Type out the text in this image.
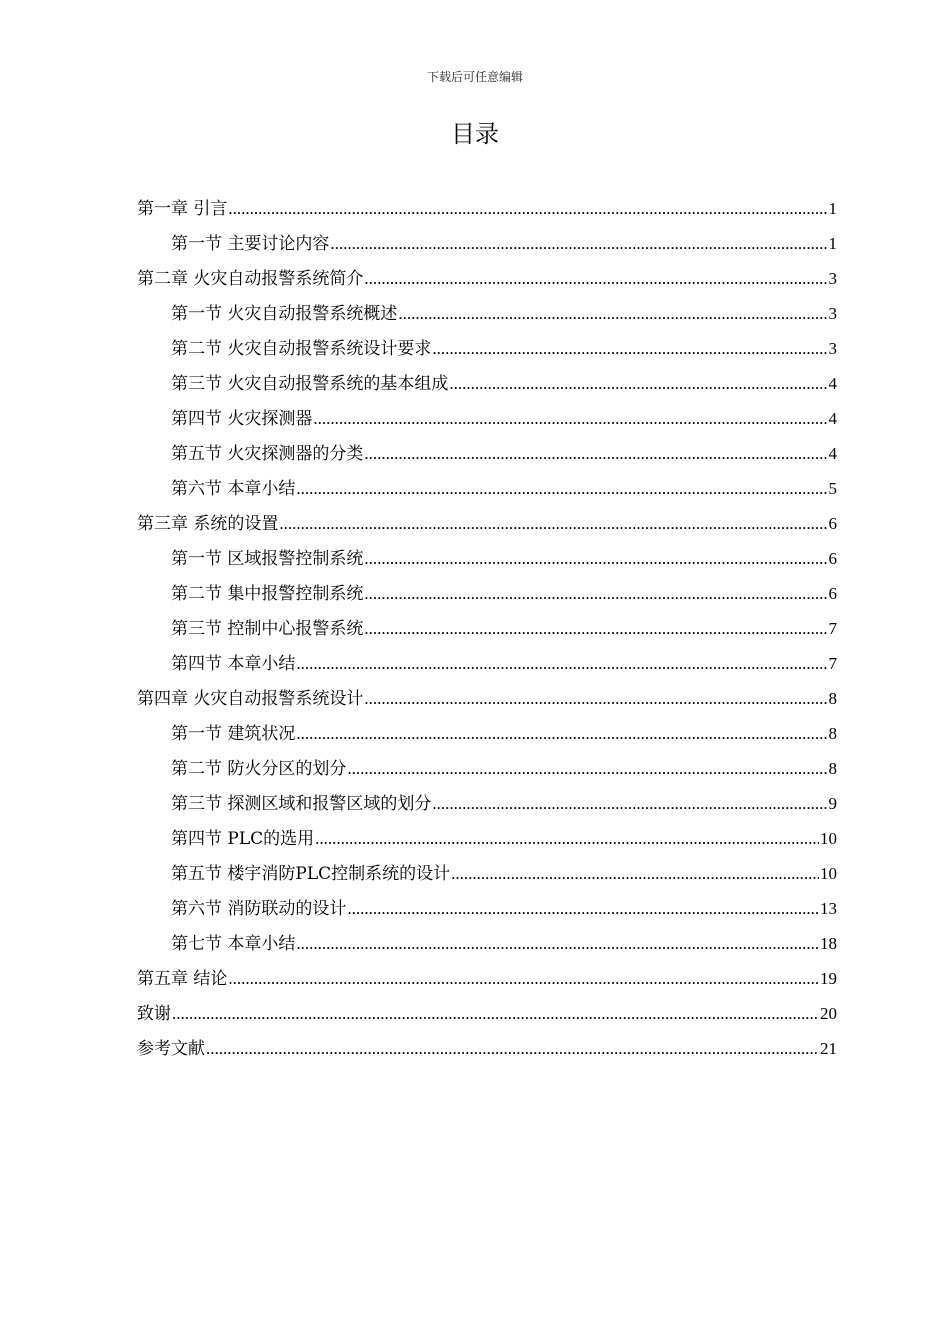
下载后可任意编辑
目录
第一章 引言 .....	1
第一节 主要讨论内容 .....	1
第二章 火灾自动报警系统简介 .....	3
第一节 火灾自动报警系统概述 .....	3
第二节 火灾自动报警系统设计要求 .....	3
第三节 火灾自动报警系统的基本组成 .....	4
第四节 火灾探测器 .....	4
第五节 火灾探测器的分类 .....	4
第六节 本章小结 .....	5
第三章 系统的设置 .....	6
第一节 区域报警控制系统 .....	6
第二节 集中报警控制系统 .....	6
第三节 控制中心报警系统 .....	7
第四节 本章小结 .....	7
第四章 火灾自动报警系统设计 .....	8
第一节 建筑状况 .....	8
第二节 防火分区的划分 .....	8
第三节 探测区域和报警区域的划分 .....	9
第四节 PLC的选用 .....	10
第五节 楼宇消防PLC控制系统的设计 .....	10
第六节 消防联动的设计 .....	13
第七节 本章小结 .....	18
第五章 结论 .....	19
致谢 .....	20
参考文献 .....	21
